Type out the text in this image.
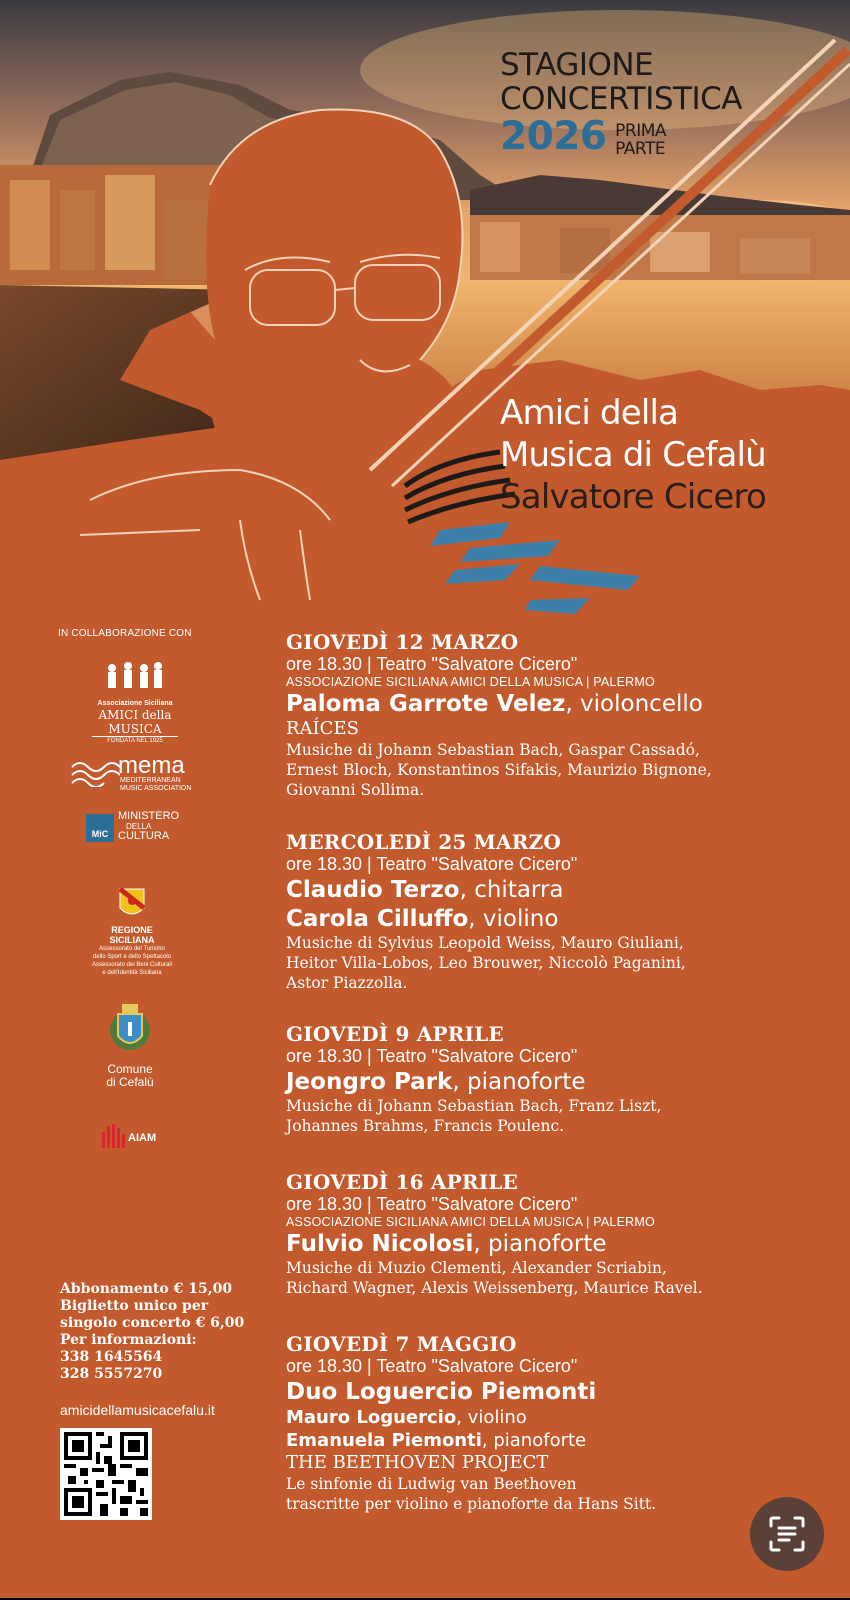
STAGIONE
CONCERTISTICA
2026 PRIMA
PARTE
Amici della
Musica di Cefalù
Salvatore Cicero
IN COLLABORAZIONE CON
Associazione Siciliana
AMICI della MUSICA
FONDATA NEL 1925
mema
MEDITERRANEAN
MUSIC ASSOCIATION
MiC
MINISTERO
DELLA
CULTURA
REGIONE
SICILIANA
Assessorato del Turismo
dello Sport e dello Spettacolo
Assessorato dei Beni Culturali
e dell'Identità Siciliana
Comune
di Cefalù
AIAM
Abbonamento € 15,00
Biglietto unico per
singolo concerto € 6,00
Per informazioni:
338 1645564
328 5557270
amicidellamusicacefalu.it
GIOVEDÌ 12 MARZO
ore 18.30 | Teatro "Salvatore Cicero"
ASSOCIAZIONE SICILIANA AMICI DELLA MUSICA | PALERMO
Paloma Garrote Velez, violoncello
RAÍCES
Musiche di Johann Sebastian Bach, Gaspar Cassadó,
Ernest Bloch, Konstantinos Sifakis, Maurizio Bignone,
Giovanni Sollima.
MERCOLEDÌ 25 MARZO
ore 18.30 | Teatro "Salvatore Cicero"
Claudio Terzo, chitarra
Carola Cilluffo, violino
Musiche di Sylvius Leopold Weiss, Mauro Giuliani,
Heitor Villa-Lobos, Leo Brouwer, Niccolò Paganini,
Astor Piazzolla.
GIOVEDÌ 9 APRILE
ore 18.30 | Teatro "Salvatore Cicero"
Jeongro Park, pianoforte
Musiche di Johann Sebastian Bach, Franz Liszt,
Johannes Brahms, Francis Poulenc.
GIOVEDÌ 16 APRILE
ore 18.30 | Teatro "Salvatore Cicero"
ASSOCIAZIONE SICILIANA AMICI DELLA MUSICA | PALERMO
Fulvio Nicolosi, pianoforte
Musiche di Muzio Clementi, Alexander Scriabin,
Richard Wagner, Alexis Weissenberg, Maurice Ravel.
GIOVEDÌ 7 MAGGIO
ore 18.30 | Teatro "Salvatore Cicero"
Duo Loguercio Piemonti
Mauro Loguercio, violino
Emanuela Piemonti, pianoforte
THE BEETHOVEN PROJECT
Le sinfonie di Ludwig van Beethoven
trascritte per violino e pianoforte da Hans Sitt.
